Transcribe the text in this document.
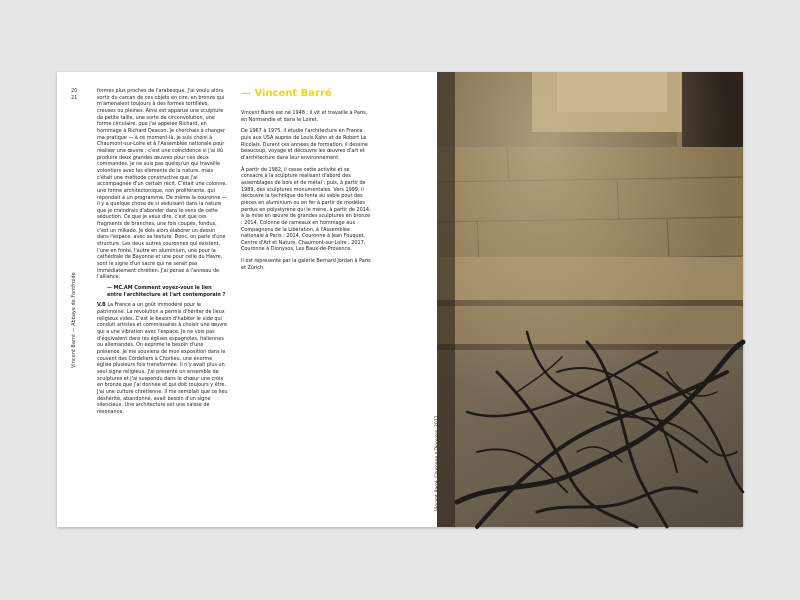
20
21
Vincent Barré — Abbaye de Fontfroide

formes plus proches de l'arabesque. J'ai voulu alors sortir du carcan de ces objets en cire, en bronze qui m'amenaient toujours à des formes tortillées, creuses ou pleines. Ainsi est apparue une sculpture de petite taille, une sorte de circonvolution, une forme circulaire, que j'ai appelée Richard, en hommage à Richard Deacon. Je cherchais à changer ma pratique — à ce moment-là, je suis choisi à Chaumont-sur-Loire et à l'Assemblée nationale pour réaliser une œuvre ; c'est une coïncidence si j'ai dû produire deux grandes œuvres pour ces deux commandes. Je ne suis pas quelqu'un qui travaille volontiers avec les éléments de la nature, mais c'était une méthode constructive que j'ai accompagnée d'un certain récit. C'était une colonne, une forme architectonique, non proliférante, qui répondait à un programme. De même la couronne — il y a quelque chose de si séduisant dans la nature que je craindrais d'abonder dans le sens de cette séduction. Ce que je veux dire, c'est que ces fragments de branches, une fois coupés, fondus, c'est un mikado. Je dois alors élaborer un dessin dans l'espace, avec sa texture. Donc, on parle d'une structure. Les deux autres couronnes qui existent, l'une en fonte, l'autre en aluminium, une pour la cathédrale de Bayonne et une pour celle du Havre, sont le signe d'un sacré qui ne serait pas immédiatement chrétien. J'ai pensé à l'anneau de l'alliance.

— MC.AM Comment voyez-vous le lien entre l'architecture et l'art contemporain ?

V.B La France a un goût immodéré pour le patrimoine. La révolution a permis d'hériter de lieux religieux vides. C'est le besoin d'habiter le vide qui conduit artistes et commissaires à choisir une œuvre qui a une vibration avec l'espace. Je ne vois pas d'équivalent dans les églises espagnoles, italiennes ou allemandes. On exprime le besoin d'une présence. Je me souviens de mon exposition dans le couvent des Cordeliers à Chorlieu, une énorme église plusieurs fois transformée. Il n'y avait plus un seul signe religieux. J'ai présenté un ensemble de sculptures et j'ai suspendu dans le chœur une croix en bronze que j'ai donnée et qui doit toujours y être. J'ai une culture chrétienne. Il me semblait que ce lieu déshérité, abandonné, avait besoin d'un signe silencieux. Une architecture est une caisse de résonance.

— Vincent Barré

Vincent Barré est né 1948 ; il vit et travaille à Paris, en Normandie et dans le Loiret.

De 1967 à 1975, il étudie l'architecture en France puis aux USA auprès de Louis Kahn et de Robert Le Ricolais. Durant ces années de formation, il dessine beaucoup, voyage et découvre les œuvres d'art et d'architecture dans leur environnement.

À partir de 1982, il cesse cette activité et se consacre à la sculpture réalisant d'abord des assemblages de bois et de métal ; puis, à partir de 1989, des sculptures monumentales. Vers 1999, il découvre la technique de fonte au sable pour des pièces en aluminium ou en fer à partir de modèles perdus en polystyrène qui le mène, à partir de 2014, à la mise en œuvre de grandes sculptures en bronze : 2014, Colonne de rameaux en hommage aux Compagnons de la Libération, à l'Assemblée nationale à Paris ; 2014, Couronne à Jean Fouquet, Centre d'Art et Nature, Chaumont-sur-Loire ; 2017, Couronne à Dionysos, Les Baux-de-Provence.

Il est représenté par la galerie Bernard Jordan à Paris et Zürich.

Vincent Barré, Couronne à Dionysos, 2017
